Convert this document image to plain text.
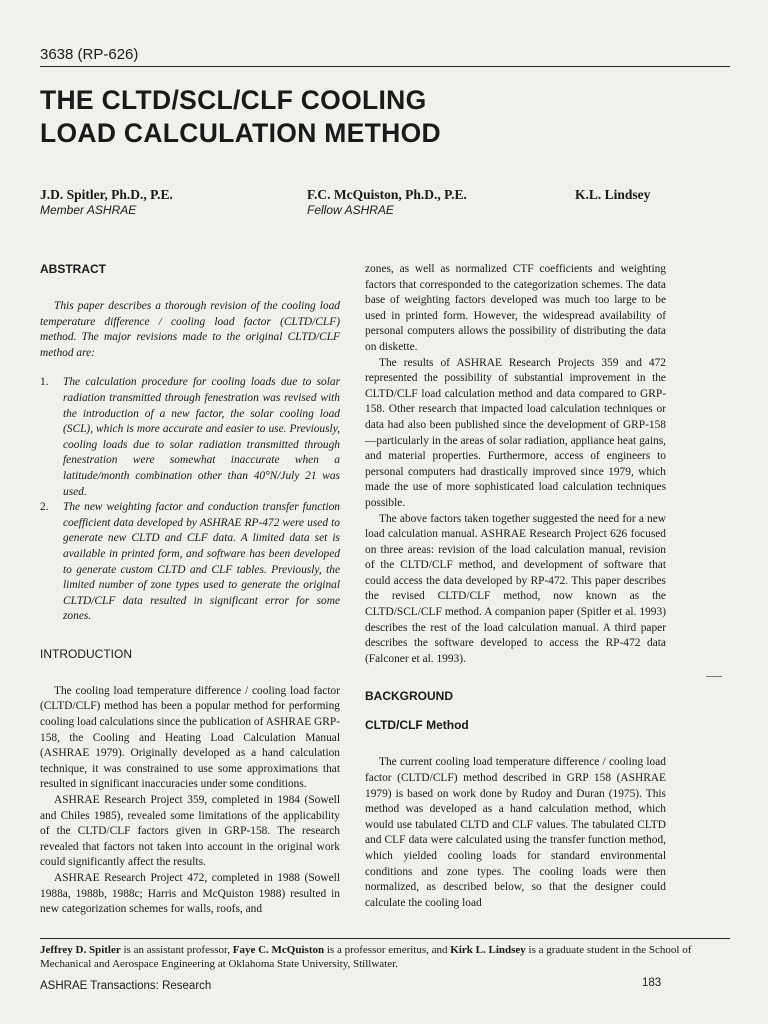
3638 (RP-626)
THE CLTD/SCL/CLF COOLING
LOAD CALCULATION METHOD
J.D. Spitler, Ph.D., P.E.
Member ASHRAE
F.C. McQuiston, Ph.D., P.E.
Fellow ASHRAE
K.L. Lindsey
ABSTRACT

This paper describes a thorough revision of the cooling load temperature difference / cooling load factor (CLTD/CLF) method. The major revisions made to the original CLTD/CLF method are:

1. The calculation procedure for cooling loads due to solar radiation transmitted through fenestration was revised with the introduction of a new factor, the solar cooling load (SCL), which is more accurate and easier to use. Previously, cooling loads due to solar radiation transmitted through fenestration were somewhat inaccurate when a latitude/month combination other than 40°N/July 21 was used.
2. The new weighting factor and conduction transfer function coefficient data developed by ASHRAE RP-472 were used to generate new CLTD and CLF data. A limited data set is available in printed form, and software has been developed to generate custom CLTD and CLF tables. Previously, the limited number of zone types used to generate the original CLTD/CLF data resulted in significant error for some zones.
INTRODUCTION

The cooling load temperature difference / cooling load factor (CLTD/CLF) method has been a popular method for performing cooling load calculations since the publication of ASHRAE GRP-158, the Cooling and Heating Load Calculation Manual (ASHRAE 1979). Originally developed as a hand calculation technique, it was constrained to use some approximations that resulted in significant inaccuracies under some conditions.

ASHRAE Research Project 359, completed in 1984 (Sowell and Chiles 1985), revealed some limitations of the applicability of the CLTD/CLF factors given in GRP-158. The research revealed that factors not taken into account in the original work could significantly affect the results.

ASHRAE Research Project 472, completed in 1988 (Sowell 1988a, 1988b, 1988c; Harris and McQuiston 1988) resulted in new categorization schemes for walls, roofs, and

zones, as well as normalized CTF coefficients and weighting factors that corresponded to the categorization schemes. The data base of weighting factors developed was much too large to be used in printed form. However, the widespread availability of personal computers allows the possibility of distributing the data on diskette.

The results of ASHRAE Research Projects 359 and 472 represented the possibility of substantial improvement in the CLTD/CLF load calculation method and data compared to GRP-158. Other research that impacted load calculation techniques or data had also been published since the development of GRP-158—particularly in the areas of solar radiation, appliance heat gains, and material properties. Furthermore, access of engineers to personal computers had drastically improved since 1979, which made the use of more sophisticated load calculation techniques possible.

The above factors taken together suggested the need for a new load calculation manual. ASHRAE Research Project 626 focused on three areas: revision of the load calculation manual, revision of the CLTD/CLF method, and development of software that could access the data developed by RP-472. This paper describes the revised CLTD/CLF method, now known as the CLTD/SCL/CLF method. A companion paper (Spitler et al. 1993) describes the rest of the load calculation manual. A third paper describes the software developed to access the RP-472 data (Falconer et al. 1993).

BACKGROUND
CLTD/CLF Method

The current cooling load temperature difference / cooling load factor (CLTD/CLF) method described in GRP 158 (ASHRAE 1979) is based on work done by Rudoy and Duran (1975). This method was developed as a hand calculation method, which would use tabulated CLTD and CLF values. The tabulated CLTD and CLF data were calculated using the transfer function method, which yielded cooling loads for standard environmental conditions and zone types. The cooling loads were then normalized, as described below, so that the designer could calculate the cooling load

Jeffrey D. Spitler is an assistant professor, Faye C. McQuiston is a professor emeritus, and Kirk L. Lindsey is a graduate student in the School of Mechanical and Aerospace Engineering at Oklahoma State University, Stillwater.

ASHRAE Transactions: Research	183
